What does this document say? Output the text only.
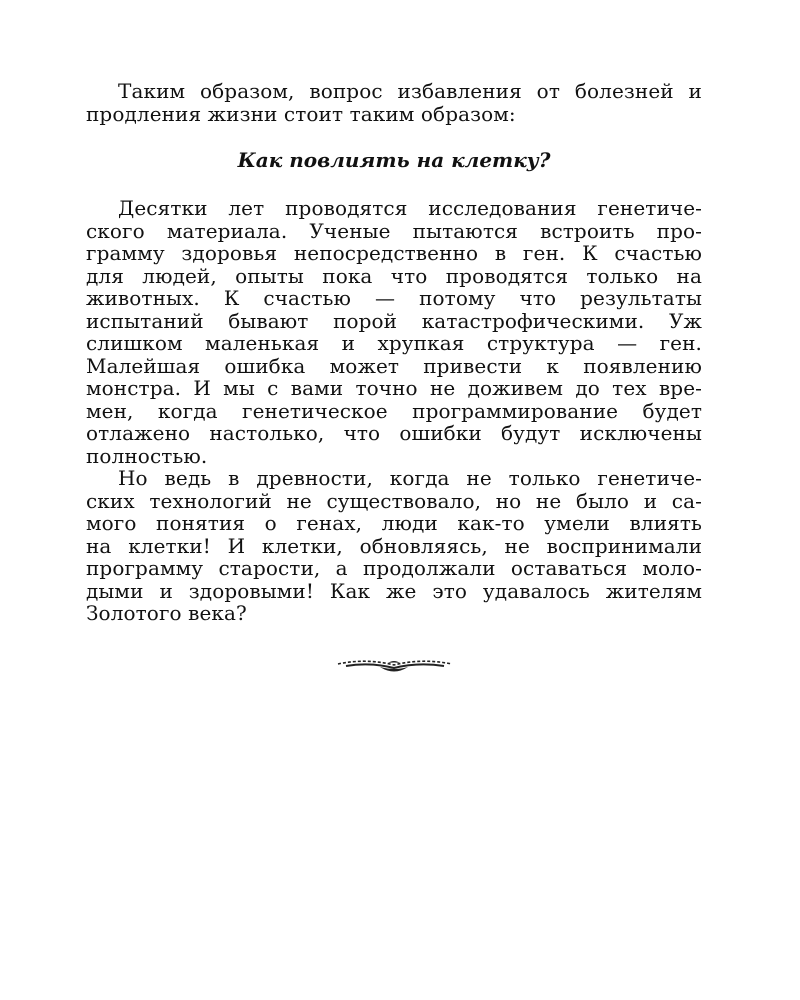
Таким образом, вопрос избавления от болезней и
продления жизни стоит таким образом:
Как повлиять на клетку?
Десятки лет проводятся исследования генетиче-
ского материала. Ученые пытаются встроить про-
грамму здоровья непосредственно в ген. К счастью
для людей, опыты пока что проводятся только на
животных. К счастью — потому что результаты
испытаний бывают порой катастрофическими. Уж
слишком маленькая и хрупкая структура — ген.
Малейшая ошибка может привести к появлению
монстра. И мы с вами точно не доживем до тех вре-
мен, когда генетическое программирование будет
отлажено настолько, что ошибки будут исключены
полностью.
Но ведь в древности, когда не только генетиче-
ских технологий не существовало, но не было и са-
мого понятия о генах, люди как-то умели влиять
на клетки! И клетки, обновляясь, не воспринимали
программу старости, а продолжали оставаться моло-
дыми и здоровыми! Как же это удавалось жителям
Золотого века?
